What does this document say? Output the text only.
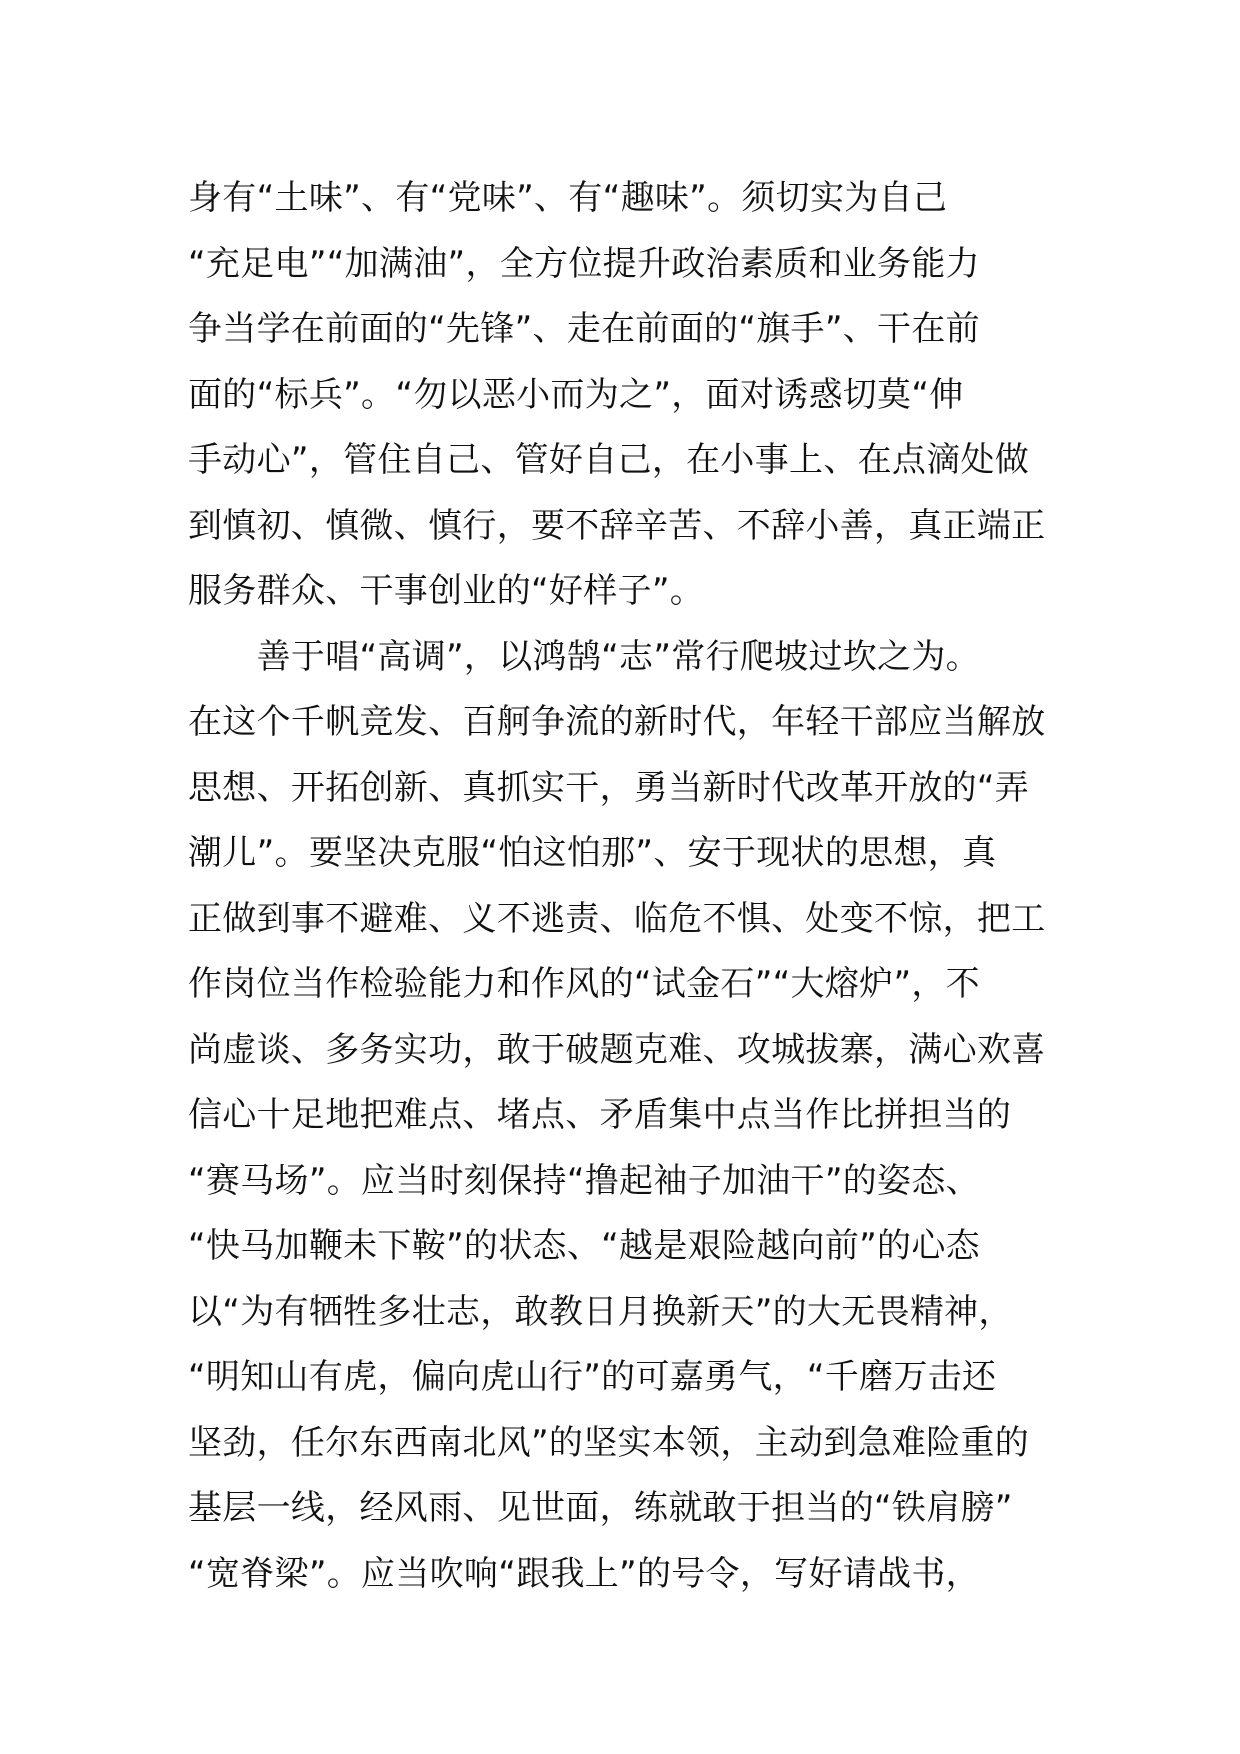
身有“土味”、有“党味”、有“趣味”。须切实为自己
“充足电”“加满油”，全方位提升政治素质和业务能力
争当学在前面的“先锋”、走在前面的“旗手”、干在前
面的“标兵”。“勿以恶小而为之”，面对诱惑切莫“伸
手动心”，管住自己、管好自己，在小事上、在点滴处做
到慎初、慎微、慎行，要不辞辛苦、不辞小善，真正端正
服务群众、干事创业的“好样子”。
　　善于唱“高调”，以鸿鹄“志”常行爬坡过坎之为。
在这个千帆竞发、百舸争流的新时代，年轻干部应当解放
思想、开拓创新、真抓实干，勇当新时代改革开放的“弄
潮儿”。要坚决克服“怕这怕那”、安于现状的思想，真
正做到事不避难、义不逃责、临危不惧、处变不惊，把工
作岗位当作检验能力和作风的“试金石”“大熔炉”，不
尚虚谈、多务实功，敢于破题克难、攻城拔寨，满心欢喜
信心十足地把难点、堵点、矛盾集中点当作比拼担当的
“赛马场”。应当时刻保持“撸起袖子加油干”的姿态、
“快马加鞭未下鞍”的状态、“越是艰险越向前”的心态
以“为有牺牲多壮志，敢教日月换新天”的大无畏精神，
“明知山有虎，偏向虎山行”的可嘉勇气，“千磨万击还
坚劲，任尔东西南北风”的坚实本领，主动到急难险重的
基层一线，经风雨、见世面，练就敢于担当的“铁肩膀”
“宽脊梁”。应当吹响“跟我上”的号令，写好请战书，
